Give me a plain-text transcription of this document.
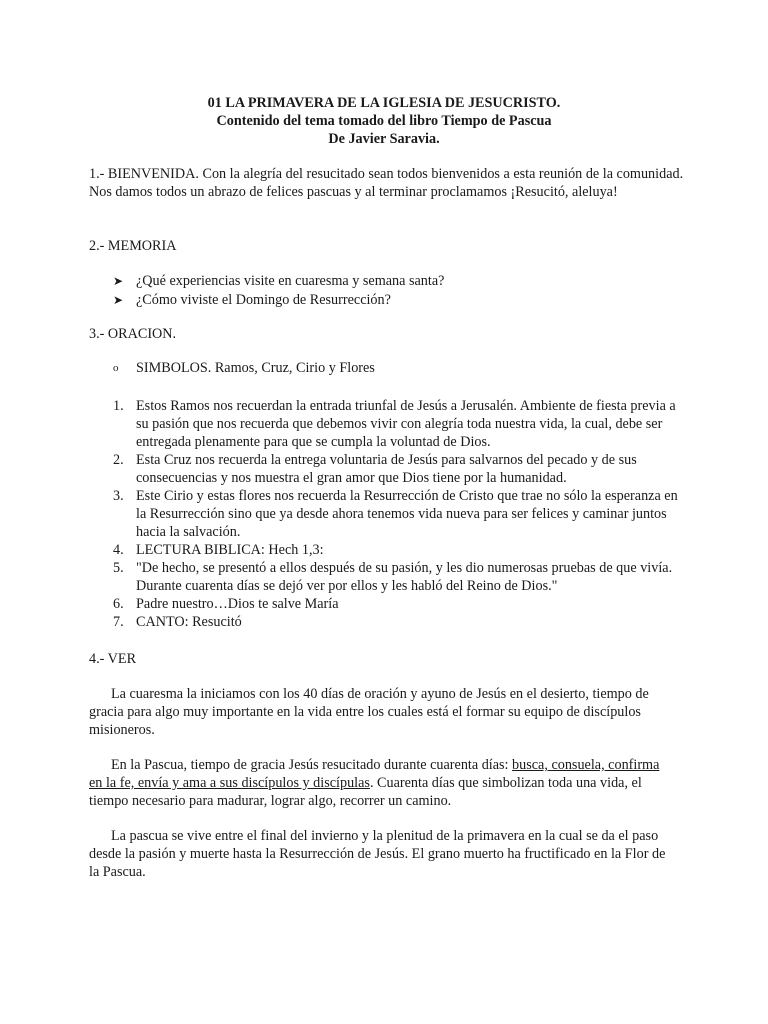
01 LA PRIMAVERA DE LA IGLESIA DE JESUCRISTO.
Contenido del tema tomado del libro Tiempo de Pascua
De Javier Saravia.
1.- BIENVENIDA. Con la alegría del resucitado sean todos bienvenidos a esta reunión de la comunidad. Nos damos todos un abrazo de felices pascuas y al terminar proclamamos ¡Resucitó, aleluya!
2.- MEMORIA
➤ ¿Qué experiencias visite en cuaresma y semana santa?
➤ ¿Cómo viviste el Domingo de Resurrección?
3.- ORACION.
o	SIMBOLOS. Ramos, Cruz, Cirio y Flores
1. Estos Ramos nos recuerdan la entrada triunfal de Jesús a Jerusalén. Ambiente de fiesta previa a su pasión que nos recuerda que debemos vivir con alegría toda nuestra vida, la cual, debe ser entregada plenamente para que se cumpla la voluntad de Dios.
2. Esta Cruz nos recuerda la entrega voluntaria de Jesús para salvarnos del pecado y de sus consecuencias y nos muestra el gran amor que Dios tiene por la humanidad.
3. Este Cirio y estas flores nos recuerda la Resurrección de Cristo que trae no sólo la esperanza en la Resurrección sino que ya desde ahora tenemos vida nueva para ser felices y caminar juntos hacia la salvación.
4. LECTURA BIBLICA: Hech 1,3:
5. "De hecho, se presentó a ellos después de su pasión, y les dio numerosas pruebas de que vivía. Durante cuarenta días se dejó ver por ellos y les habló del Reino de Dios."
6. Padre nuestro…Dios te salve María
7. CANTO: Resucitó
4.- VER
La cuaresma la iniciamos con los 40 días de oración y ayuno de Jesús en el desierto, tiempo de gracia para algo muy importante en la vida entre los cuales está el formar su equipo de discípulos misioneros.
En la Pascua, tiempo de gracia Jesús resucitado durante cuarenta días: busca, consuela, confirma en la fe, envía y ama a sus discípulos y discípulas. Cuarenta días que simbolizan toda una vida, el tiempo necesario para madurar, lograr algo, recorrer un camino.
La pascua se vive entre el final del invierno y la plenitud de la primavera en la cual se da el paso desde la pasión y muerte hasta la Resurrección de Jesús. El grano muerto ha fructificado en la Flor de la Pascua.
